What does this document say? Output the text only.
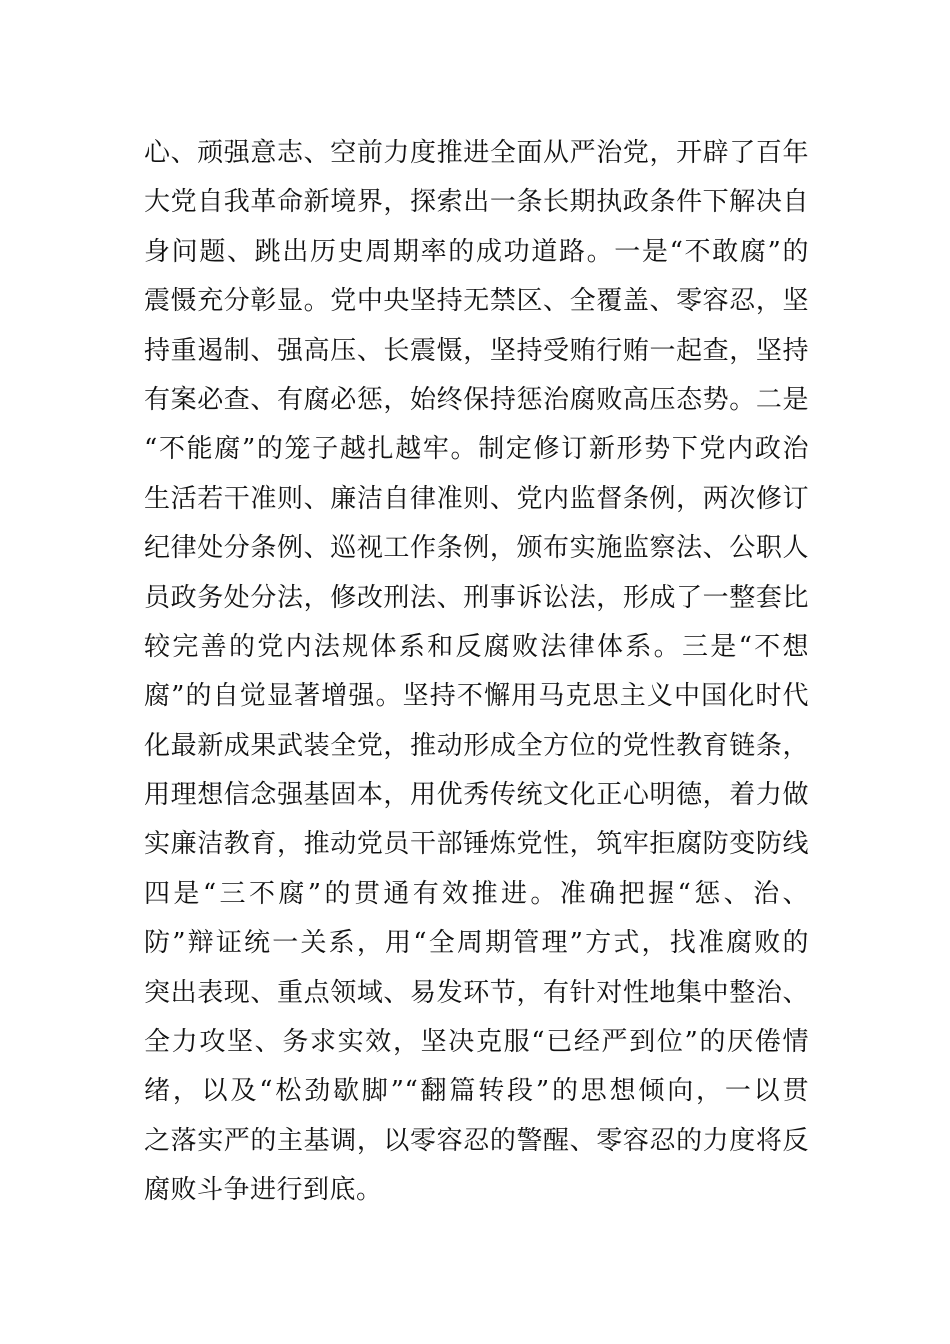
心、顽强意志、空前力度推进全面从严治党，开辟了百年
大党自我革命新境界，探索出一条长期执政条件下解决自
身问题、跳出历史周期率的成功道路。一是“不敢腐”的
震慑充分彰显。党中央坚持无禁区、全覆盖、零容忍，坚
持重遏制、强高压、长震慑，坚持受贿行贿一起查，坚持
有案必查、有腐必惩，始终保持惩治腐败高压态势。二是
“不能腐”的笼子越扎越牢。制定修订新形势下党内政治
生活若干准则、廉洁自律准则、党内监督条例，两次修订
纪律处分条例、巡视工作条例，颁布实施监察法、公职人
员政务处分法，修改刑法、刑事诉讼法，形成了一整套比
较完善的党内法规体系和反腐败法律体系。三是“不想
腐”的自觉显著增强。坚持不懈用马克思主义中国化时代
化最新成果武装全党，推动形成全方位的党性教育链条，
用理想信念强基固本，用优秀传统文化正心明德，着力做
实廉洁教育，推动党员干部锤炼党性，筑牢拒腐防变防线
四是“三不腐”的贯通有效推进。准确把握“惩、治、
防”辩证统一关系，用“全周期管理”方式，找准腐败的
突出表现、重点领域、易发环节，有针对性地集中整治、
全力攻坚、务求实效，坚决克服“已经严到位”的厌倦情
绪，以及“松劲歇脚”“翻篇转段”的思想倾向，一以贯
之落实严的主基调，以零容忍的警醒、零容忍的力度将反
腐败斗争进行到底。
